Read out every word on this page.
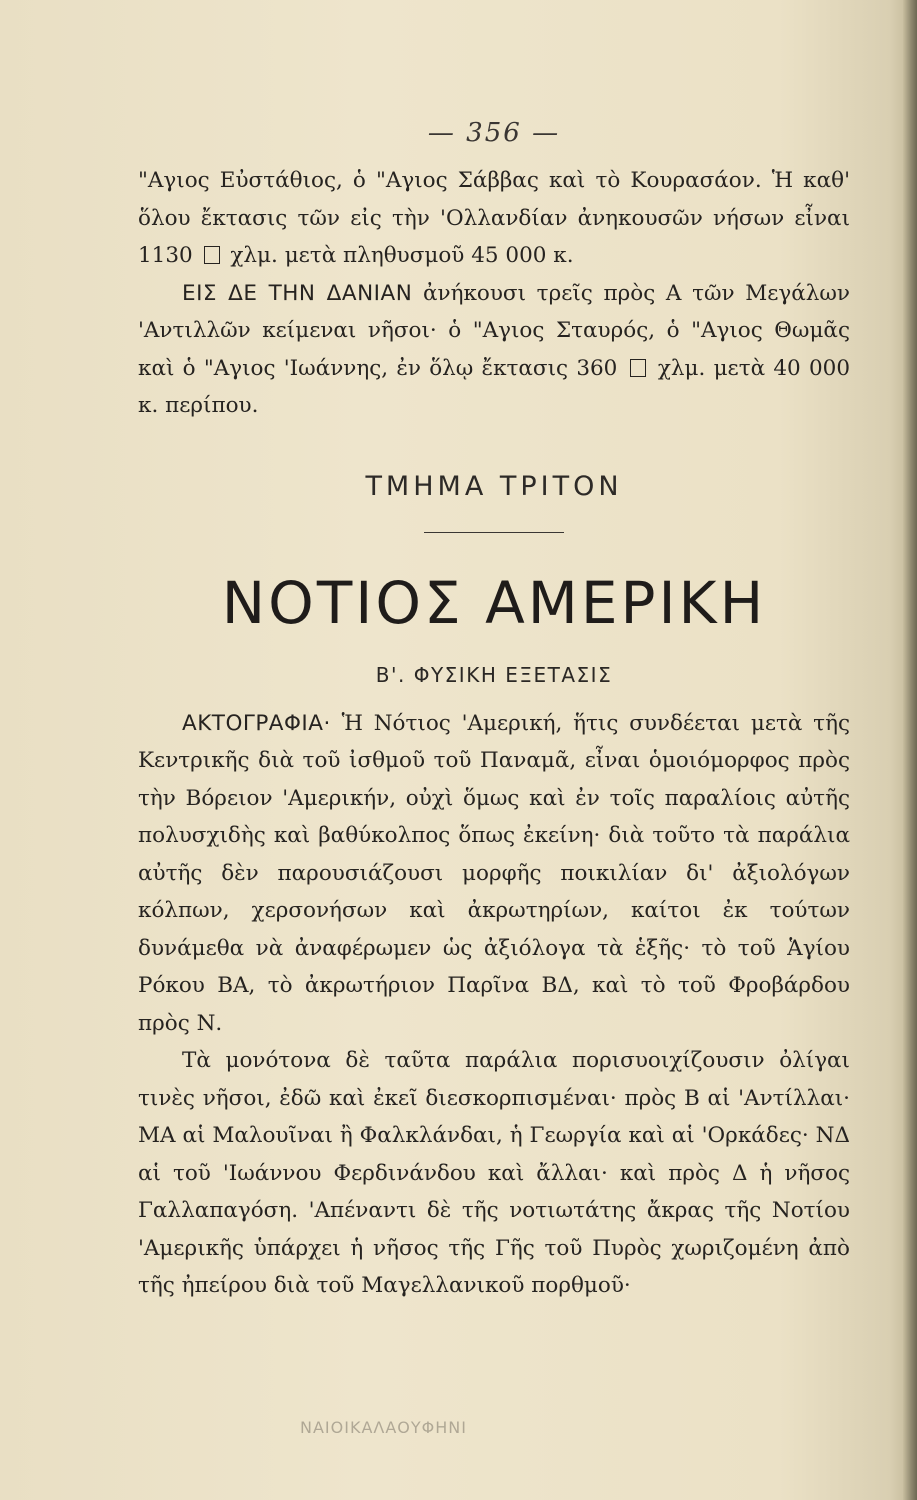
— 356 —

"Αγιος Εὐστάθιος, ὁ "Αγιος Σάββας καὶ τὸ Κουρασάον. Ἡ καθ' ὅλου ἔκτασις τῶν εἰς τὴν 'Ολλανδίαν ἀνηκουσῶν νήσων εἶναι 1130 χλμ. μετὰ πληθυσμοῦ 45 000 κ.

ΕΙΣ ΔΕ ΤΗΝ ΔΑΝΙΑΝ ἀνήκουσι τρεῖς πρὸς Α τῶν Μεγάλων 'Αντιλλῶν κείμεναι νῆσοι· ὁ "Αγιος Σταυρός, ὁ "Αγιος Θωμᾶς καὶ ὁ "Αγιος 'Ιωάννης, ἐν ὅλῳ ἔκτασις 360 χλμ. μετὰ 40 000 κ. περίπου.

ΤΜΗΜΑ ΤΡΙΤΟΝ
ΝΟΤΙΟΣ ΑΜΕΡΙΚΗ
Β'. ΦΥΣΙΚΗ ΕΞΕΤΑΣΙΣ

ΑΚΤΟΓΡΑΦΙΑ· Ἡ Νότιος 'Αμερική, ἥτις συνδέεται μετὰ τῆς Κεντρικῆς διὰ τοῦ ἰσθμοῦ τοῦ Παναμᾶ, εἶναι ὁμοιόμορφος πρὸς τὴν Βόρειον 'Αμερικήν, οὐχὶ ὅμως καὶ ἐν τοῖς παραλίοις αὐτῆς πολυσχιδὴς καὶ βαθύκολπος ὅπως ἐκείνη· διὰ τοῦτο τὰ παράλια αὐτῆς δὲν παρουσιάζουσι μορφῆς ποικιλίαν δι' ἀξιολόγων κόλπων, χερσονήσων καὶ ἀκρωτηρίων, καίτοι ἐκ τούτων δυνάμεθα νὰ ἀναφέρωμεν ὡς ἀξιόλογα τὰ ἑξῆς· τὸ τοῦ Ἁγίου Ρόκου ΒΑ, τὸ ἀκρωτήριον Παρῖνα ΒΔ, καὶ τὸ τοῦ Φροβάρδου πρὸς Ν.

Τὰ μονότονα δὲ ταῦτα παράλια πορισυοιχίζουσιν ὀλίγαι τινὲς νῆσοι, ἐδῶ καὶ ἐκεῖ διεσκορπισμέναι· πρὸς Β αἱ 'Αντίλλαι· ΜΑ αἱ Μαλουῖναι ἢ Φαλκλάνδαι, ἡ Γεωργία καὶ αἱ 'Ορκάδες· ΝΔ αἱ τοῦ 'Ιωάννου Φερδινάνδου καὶ ἄλλαι· καὶ πρὸς Δ ἡ νῆσος Γαλλαπαγόση. 'Απέναντι δὲ τῆς νοτιωτάτης ἄκρας τῆς Νοτίου 'Αμερικῆς ὑπάρχει ἡ νῆσος τῆς Γῆς τοῦ Πυρὸς χωριζομένη ἀπὸ τῆς ἠπείρου διὰ τοῦ Μαγελλανικοῦ πορθμοῦ·

ΝΑΙΟΙΚΑΛΑΟΥΦΗΝΙ
